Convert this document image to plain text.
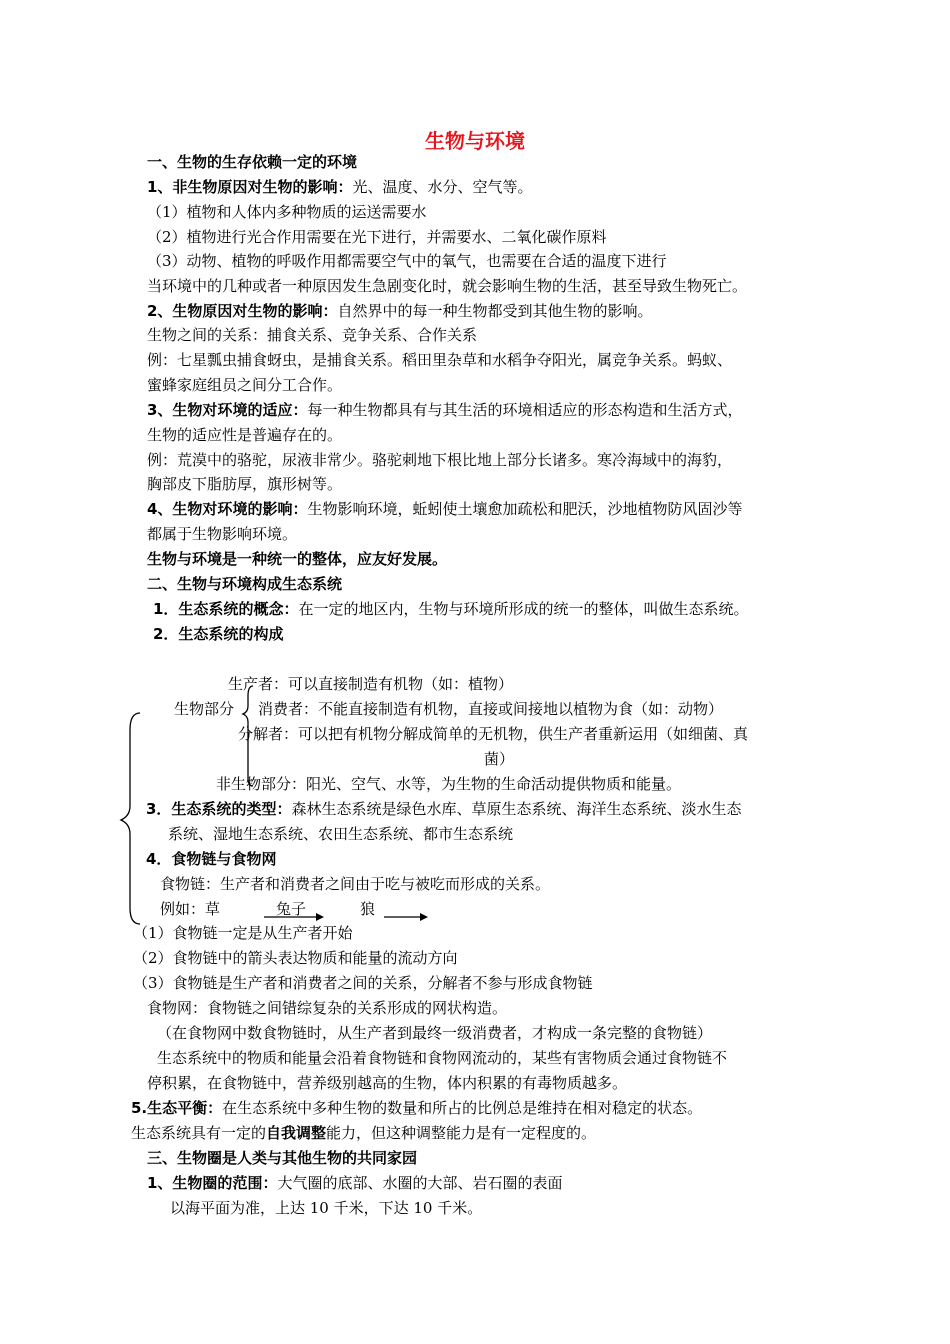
生物与环境
一、生物的生存依赖一定的环境
1、非生物原因对生物的影响：光、温度、水分、空气等。
（1）植物和人体内多种物质的运送需要水
（2）植物进行光合作用需要在光下进行，并需要水、二氧化碳作原料
（3）动物、植物的呼吸作用都需要空气中的氧气，也需要在合适的温度下进行
当环境中的几种或者一种原因发生急剧变化时，就会影响生物的生活，甚至导致生物死亡。
2、生物原因对生物的影响：自然界中的每一种生物都受到其他生物的影响。
生物之间的关系：捕食关系、竞争关系、合作关系
例：七星瓢虫捕食蚜虫，是捕食关系。稻田里杂草和水稻争夺阳光，属竞争关系。蚂蚁、
蜜蜂家庭组员之间分工合作。
3、生物对环境的适应：每一种生物都具有与其生活的环境相适应的形态构造和生活方式，
生物的适应性是普遍存在的。
例：荒漠中的骆驼，尿液非常少。骆驼刺地下根比地上部分长诸多。寒冷海域中的海豹，
胸部皮下脂肪厚，旗形树等。
4、生物对环境的影响：生物影响环境，蚯蚓使土壤愈加疏松和肥沃，沙地植物防风固沙等
都属于生物影响环境。
生物与环境是一种统一的整体，应友好发展。
二、生物与环境构成生态系统
1．生态系统的概念：在一定的地区内，生物与环境所形成的统一的整体，叫做生态系统。
2．生态系统的构成
生产者：可以直接制造有机物（如：植物）
生物部分 消费者：不能直接制造有机物，直接或间接地以植物为食（如：动物）
分解者：可以把有机物分解成简单的无机物，供生产者重新运用（如细菌、真
菌）
非生物部分：阳光、空气、水等，为生物的生命活动提供物质和能量。
3．生态系统的类型：森林生态系统是绿色水库、草原生态系统、海洋生态系统、淡水生态
系统、湿地生态系统、农田生态系统、都市生态系统
4．食物链与食物网
食物链：生产者和消费者之间由于吃与被吃而形成的关系。
例如：草	兔子	狼
（1）食物链一定是从生产者开始
（2）食物链中的箭头表达物质和能量的流动方向
（3）食物链是生产者和消费者之间的关系，分解者不参与形成食物链
食物网：食物链之间错综复杂的关系形成的网状构造。
（在食物网中数食物链时，从生产者到最终一级消费者，才构成一条完整的食物链）
生态系统中的物质和能量会沿着食物链和食物网流动的，某些有害物质会通过食物链不
停积累，在食物链中，营养级别越高的生物，体内积累的有毒物质越多。
5.生态平衡：在生态系统中多种生物的数量和所占的比例总是维持在相对稳定的状态。
生态系统具有一定的自我调整能力，但这种调整能力是有一定程度的。
三、生物圈是人类与其他生物的共同家园
1、生物圈的范围：大气圈的底部、水圈的大部、岩石圈的表面
以海平面为准，上达 10 千米，下达 10 千米。
